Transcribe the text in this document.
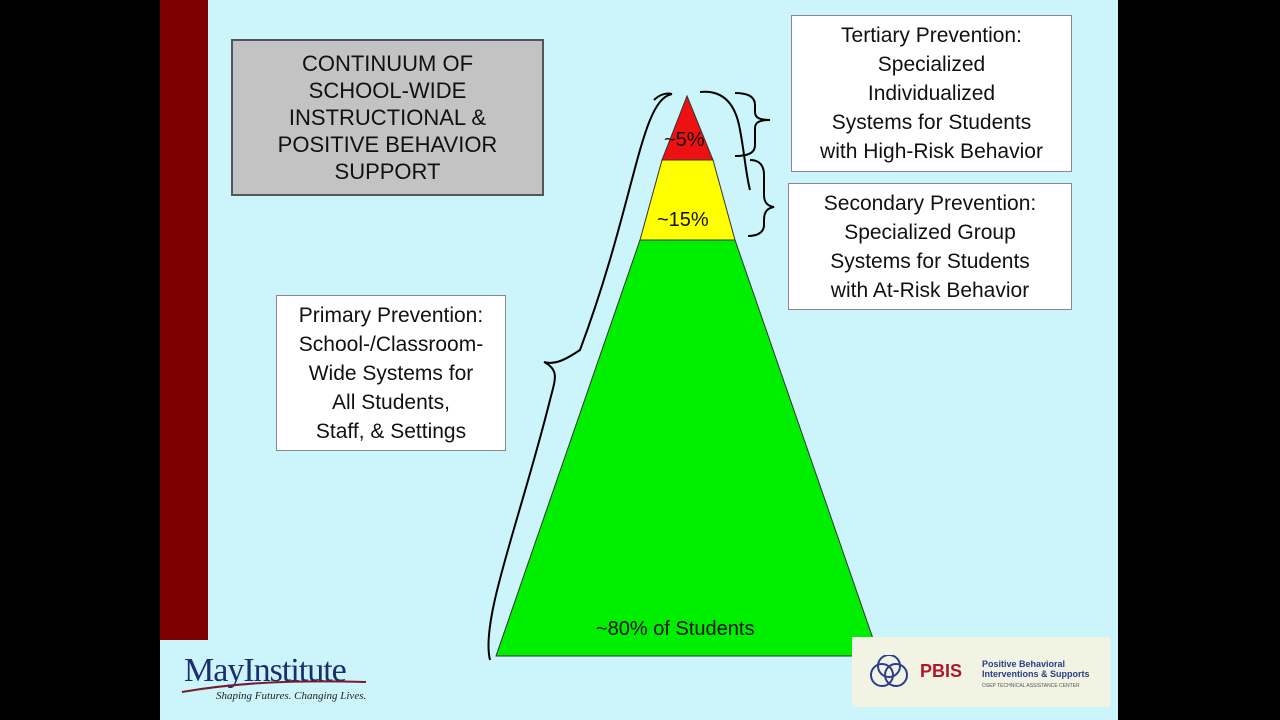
CONTINUUM OF
SCHOOL-WIDE
INSTRUCTIONAL &
POSITIVE BEHAVIOR
SUPPORT
~5%
~15%
~80% of Students
Tertiary Prevention:
Specialized
Individualized
Systems for Students
with High-Risk Behavior
Secondary Prevention:
Specialized Group
Systems for Students
with At-Risk Behavior
Primary Prevention:
School-/Classroom-
Wide Systems for
All Students,
Staff, & Settings
MayInstitute
Shaping Futures. Changing Lives.
PBIS Positive Behavioral Interventions & Supports
OSEP TECHNICAL ASSISTANCE CENTER
